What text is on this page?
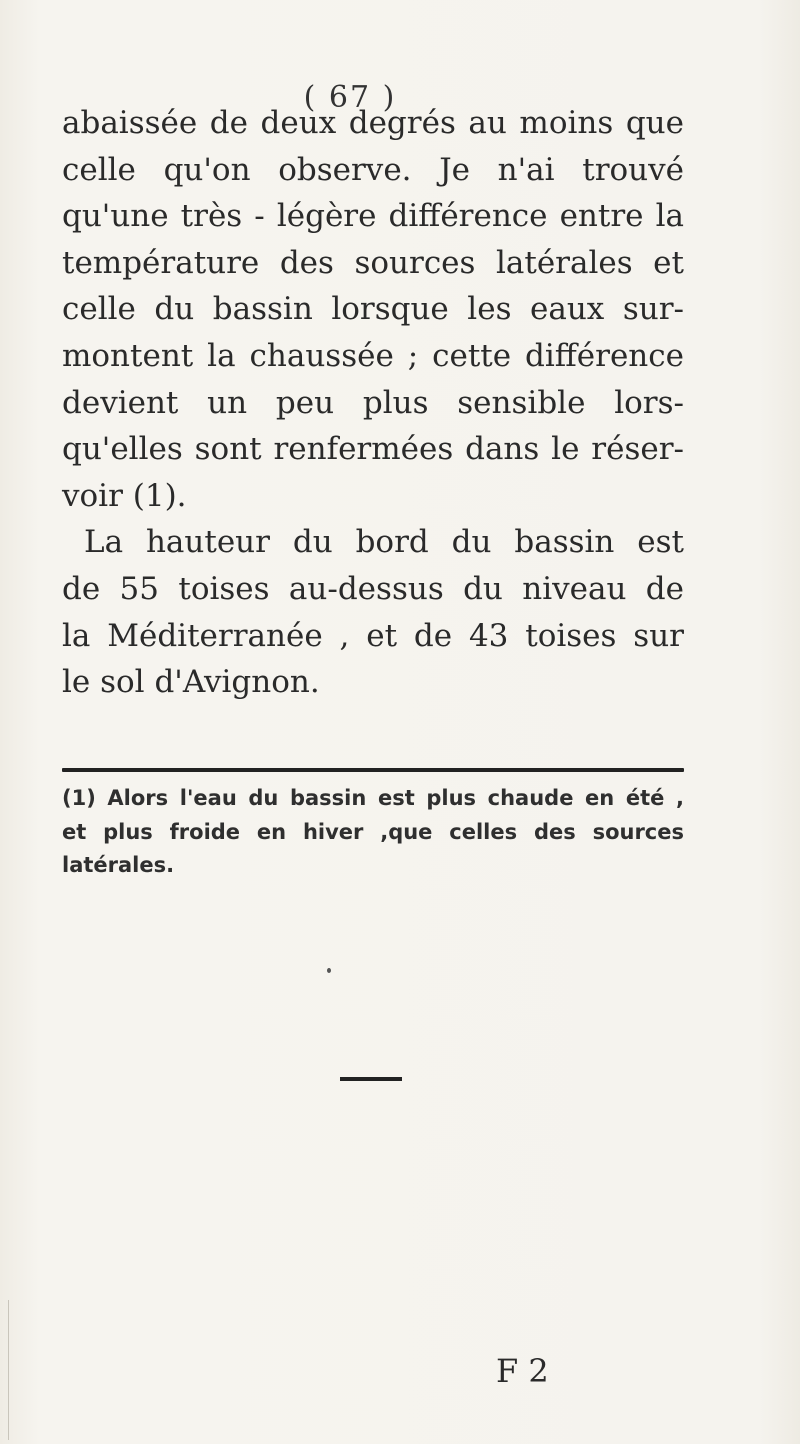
( 67 )
abaissée de deux degrés au moins que
celle qu'on observe. Je n'ai trouvé
qu'une très - légère différence entre la
température des sources latérales et
celle du bassin lorsque les eaux sur-
montent la chaussée ; cette différence
devient un peu plus sensible lors-
qu'elles sont renfermées dans le réser-
voir (1).
La hauteur du bord du bassin est
de 55 toises au-dessus du niveau de
la Méditerranée , et de 43 toises sur
le sol d'Avignon.
(1) Alors l'eau du bassin est plus chaude en été ,
et plus froide en hiver ,que celles des sources
latérales.
F 2
